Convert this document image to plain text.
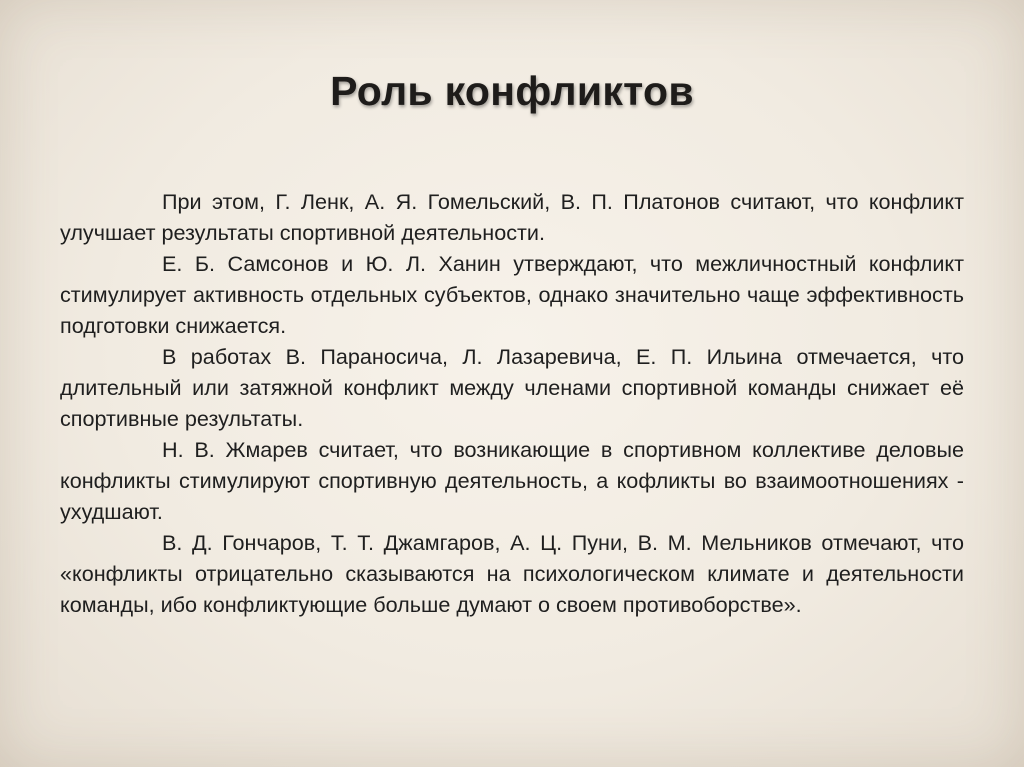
Роль конфликтов

При этом, Г. Ленк, А. Я. Гомельский, В. П. Платонов считают, что конфликт улучшает результаты спортивной деятельности.

Е. Б. Самсонов и Ю. Л. Ханин утверждают, что межличностный конфликт стимулирует активность отдельных субъектов, однако значительно чаще эффективность подготовки снижается.

В работах В. Параносича, Л. Лазаревича, Е. П. Ильина отмечается, что длительный или затяжной конфликт между членами спортивной команды снижает её спортивные результаты.

Н. В. Жмарев считает, что возникающие в спортивном коллективе деловые конфликты стимулируют спортивную деятельность, а кофликты во взаимоотношениях - ухудшают.

В. Д. Гончаров, Т. Т. Джамгаров, А. Ц. Пуни, В. М. Мельников отмечают, что «конфликты отрицательно сказываются на психологическом климате и деятельности команды, ибо конфликтующие больше думают о своем противоборстве».
